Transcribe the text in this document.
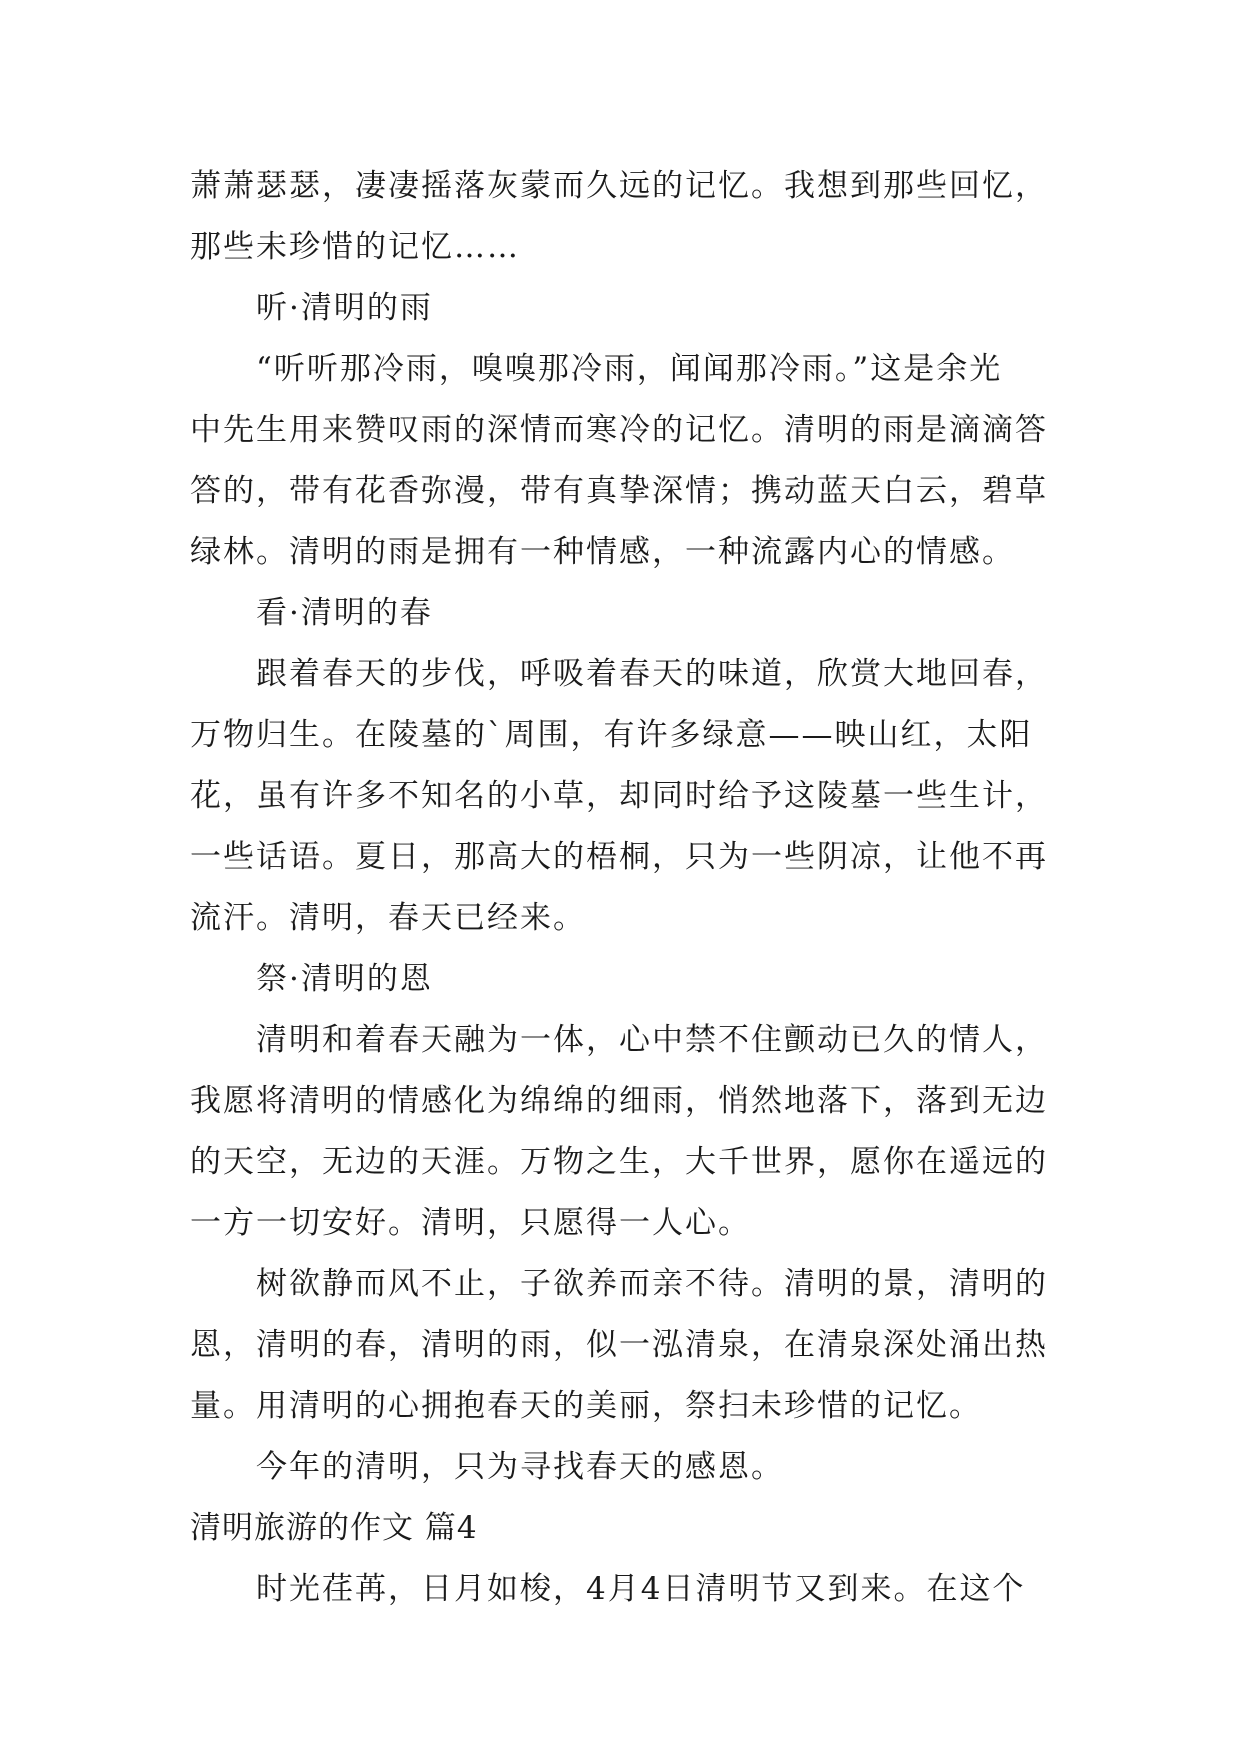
萧萧瑟瑟，凄凄摇落灰蒙而久远的记忆。我想到那些回忆，
那些未珍惜的记忆……
听·清明的雨
“听听那冷雨，嗅嗅那冷雨，闻闻那冷雨。”这是余光
中先生用来赞叹雨的深情而寒冷的记忆。清明的雨是滴滴答
答的，带有花香弥漫，带有真挚深情；携动蓝天白云，碧草
绿林。清明的雨是拥有一种情感，一种流露内心的情感。
看·清明的春
跟着春天的步伐，呼吸着春天的味道，欣赏大地回春，
万物归生。在陵墓的`周围，有许多绿意——映山红，太阳
花，虽有许多不知名的小草，却同时给予这陵墓一些生计，
一些话语。夏日，那高大的梧桐，只为一些阴凉，让他不再
流汗。清明，春天已经来。
祭·清明的恩
清明和着春天融为一体，心中禁不住颤动已久的情人，
我愿将清明的情感化为绵绵的细雨，悄然地落下，落到无边
的天空，无边的天涯。万物之生，大千世界，愿你在遥远的
一方一切安好。清明，只愿得一人心。
树欲静而风不止，子欲养而亲不待。清明的景，清明的
恩，清明的春，清明的雨，似一泓清泉，在清泉深处涌出热
量。用清明的心拥抱春天的美丽，祭扫未珍惜的记忆。
今年的清明，只为寻找春天的感恩。
清明旅游的作文 篇4
时光荏苒，日月如梭，4月4日清明节又到来。在这个
